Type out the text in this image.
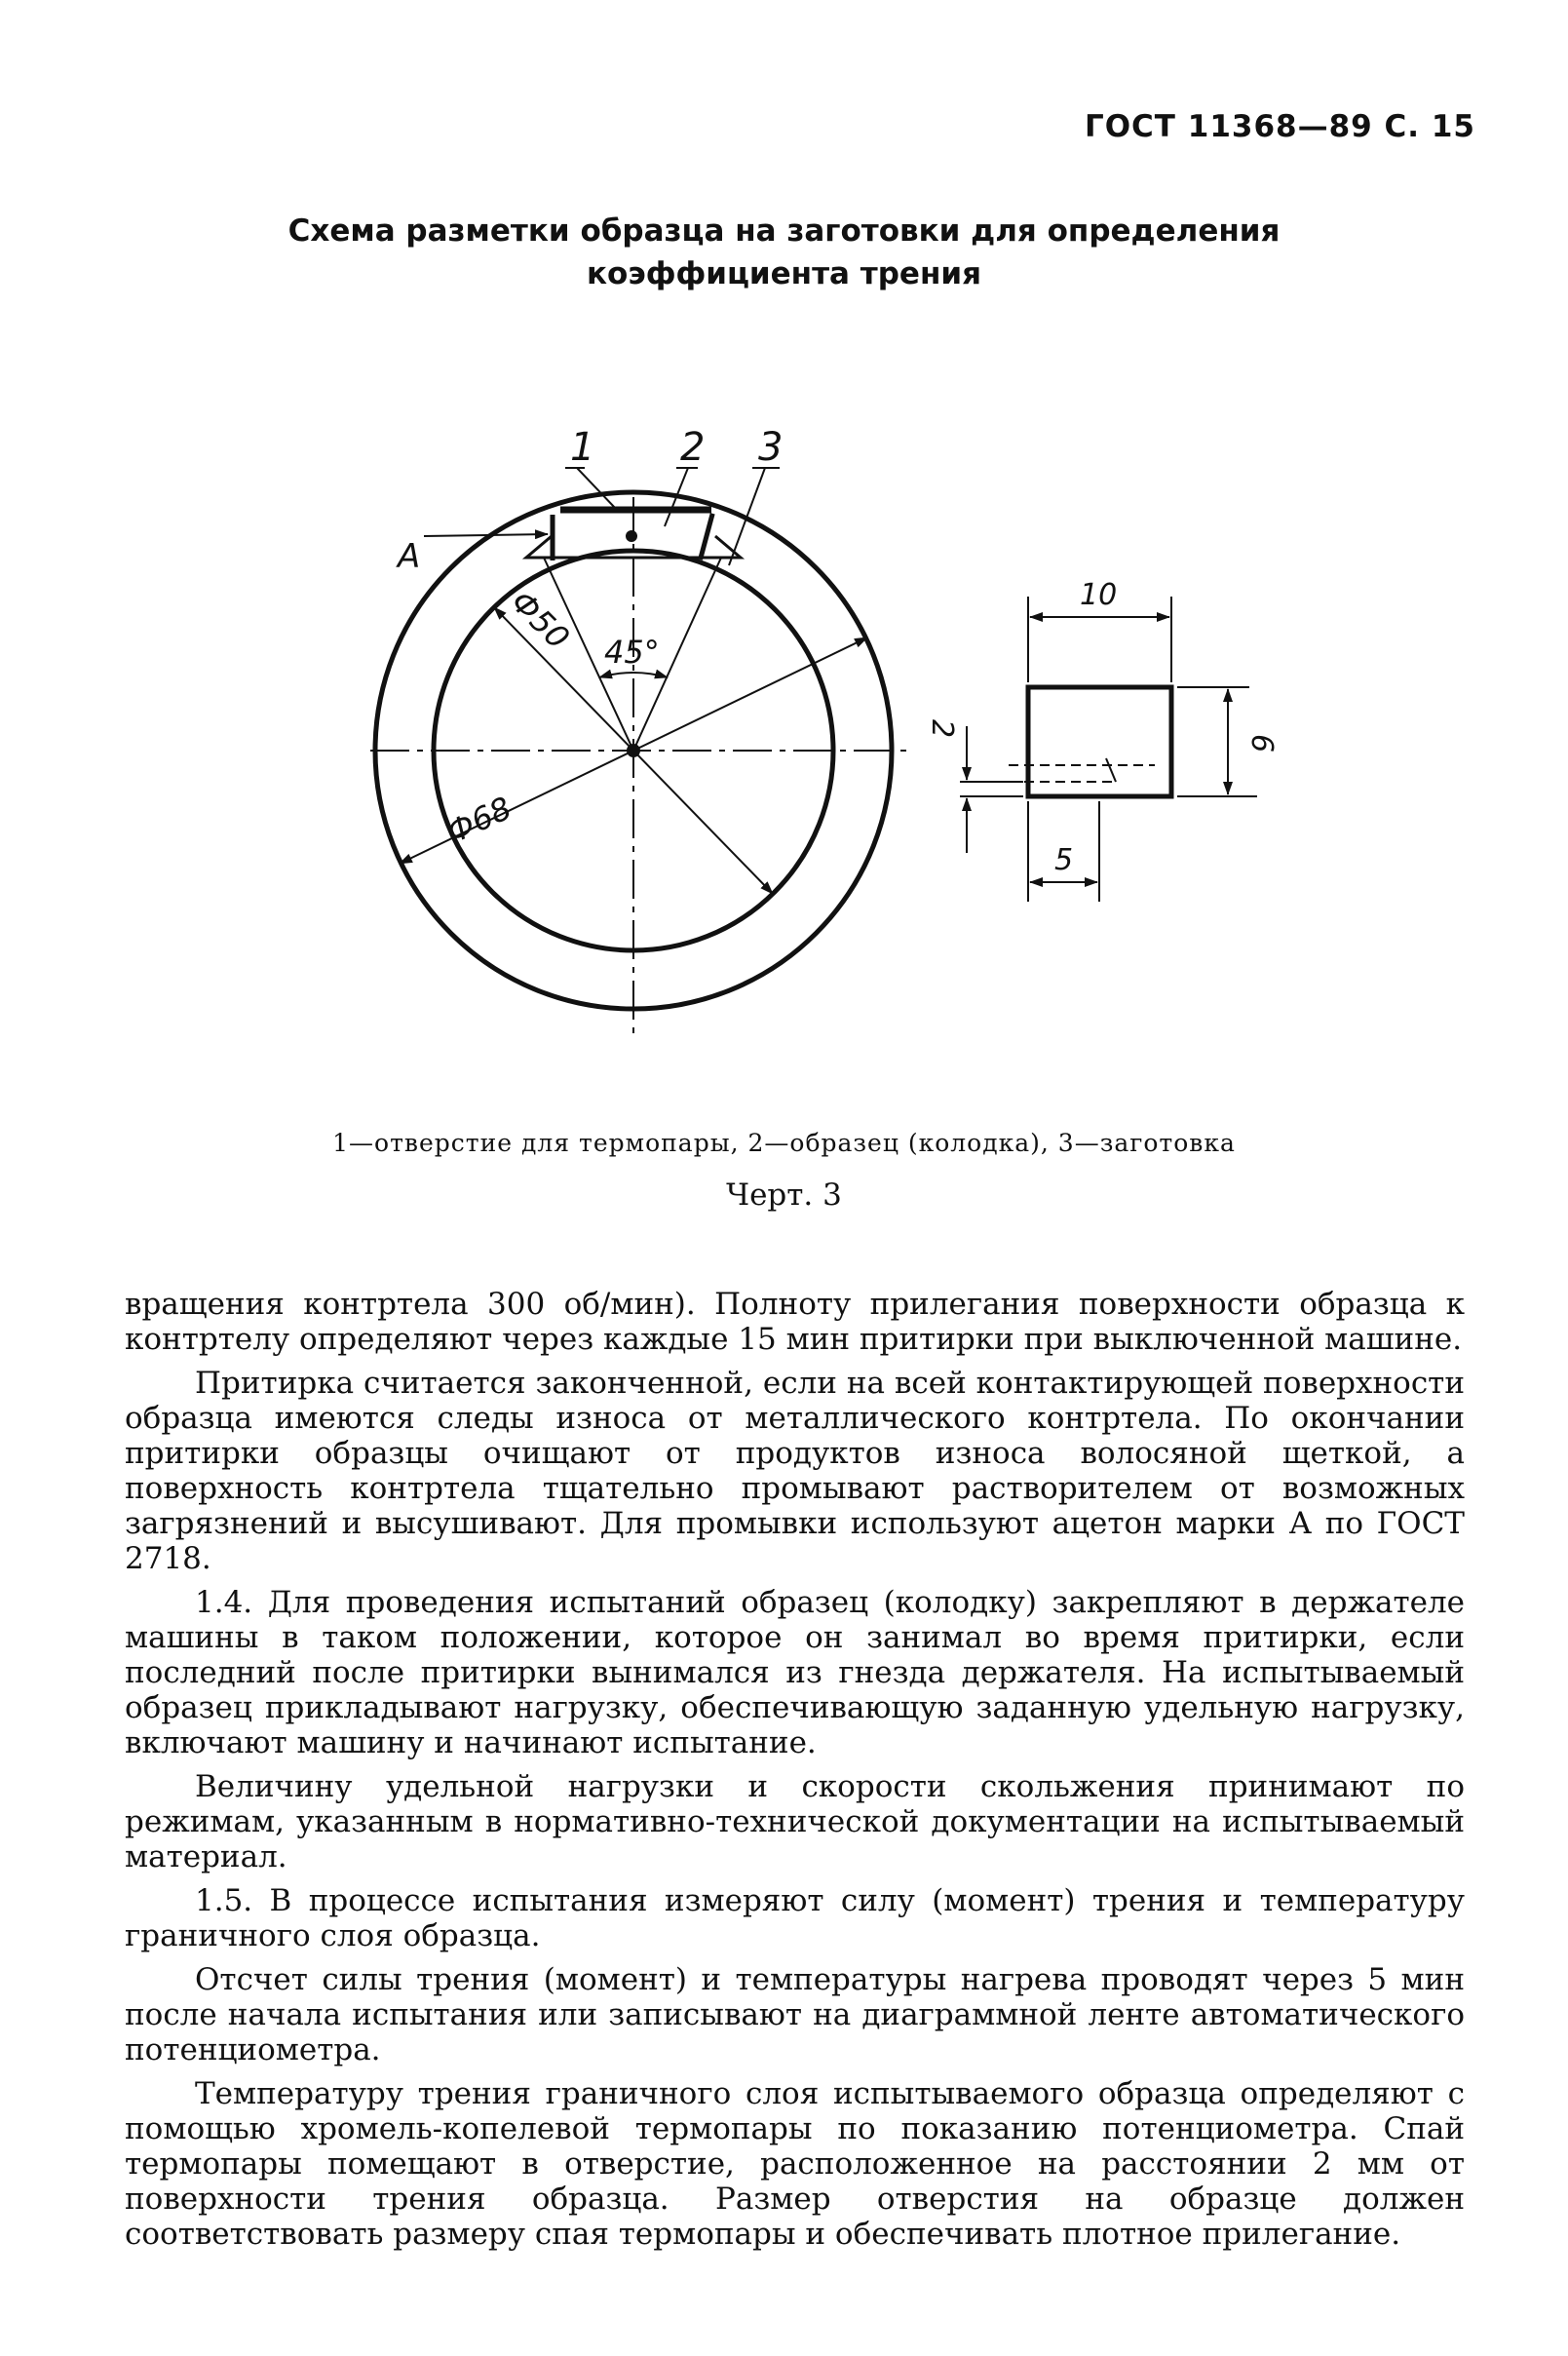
ГОСТ 11368—89 С. 15
Схема разметки образца на заготовки для определения
коэффициента трения
1 2 3
А
Ф50 45°
Ф68
10
6
2
5
1—отверстие для термопары, 2—образец (колодка), 3—заготовка
Черт. 3

вращения контртела 300 об/мин). Полноту прилегания поверхности образца к контртелу определяют через каждые 15 мин притирки при выключенной машине.

Притирка считается законченной, если на всей контактирующей поверхности образца имеются следы износа от металлического контртела. По окончании притирки образцы очищают от продуктов износа волосяной щеткой, а поверхность контртела тщательно промывают растворителем от возможных загрязнений и высушивают. Для промывки используют ацетон марки А по ГОСТ 2718.

1.4. Для проведения испытаний образец (колодку) закрепляют в держателе машины в таком положении, которое он занимал во время притирки, если последний после притирки вынимался из гнезда держателя. На испытываемый образец прикладывают нагрузку, обеспечивающую заданную удельную нагрузку, включают машину и начинают испытание.

Величину удельной нагрузки и скорости скольжения принимают по режимам, указанным в нормативно-технической документации на испытываемый материал.

1.5. В процессе испытания измеряют силу (момент) трения и температуру граничного слоя образца.

Отсчет силы трения (момент) и температуры нагрева проводят через 5 мин после начала испытания или записывают на диаграммной ленте автоматического потенциометра.

Температуру трения граничного слоя испытываемого образца определяют с помощью хромель-копелевой термопары по показанию потенциометра. Спай термопары помещают в отверстие, расположенное на расстоянии 2 мм от поверхности трения образца. Размер отверстия на образце должен соответствовать размеру спая термопары и обеспечивать плотное прилегание.
